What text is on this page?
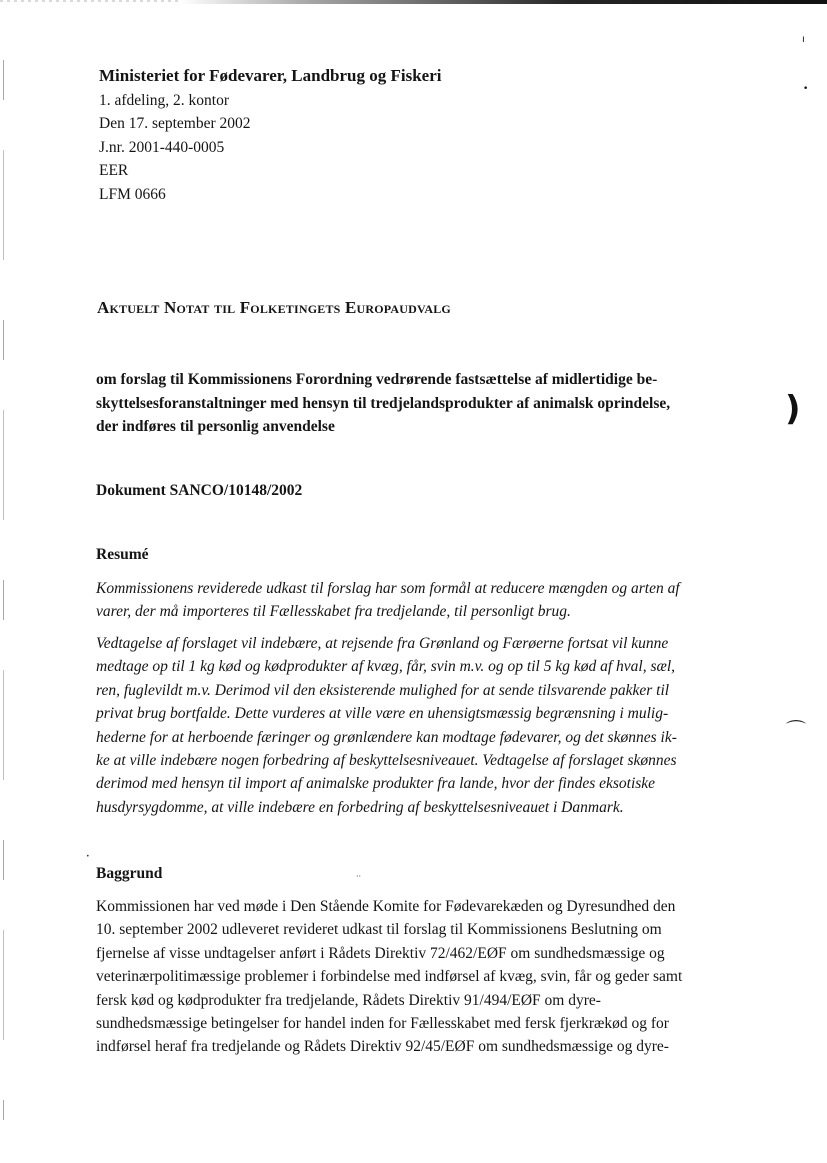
ı
•
)
⌒
··
•
Ministeriet for Fødevarer, Landbrug og Fiskeri
1. afdeling, 2. kontor
Den 17. september 2002
J.nr. 2001-440-0005
EER
LFM 0666
Aktuelt Notat til Folketingets Europaudvalg
om forslag til Kommissionens Forordning vedrørende fastsættelse af midlertidige be-
skyttelsesforanstaltninger med hensyn til tredjelandsprodukter af animalsk oprindelse,
der indføres til personlig anvendelse
Dokument SANCO/10148/2002
Resumé
Kommissionens reviderede udkast til forslag har som formål at reducere mængden og arten af
varer, der må importeres til Fællesskabet fra tredjelande, til personligt brug.
Vedtagelse af forslaget vil indebære, at rejsende fra Grønland og Færøerne fortsat vil kunne
medtage op til 1 kg kød og kødprodukter af kvæg, får, svin m.v. og op til 5 kg kød af hval, sæl,
ren, fuglevildt m.v. Derimod vil den eksisterende mulighed for at sende tilsvarende pakker til
privat brug bortfalde. Dette vurderes at ville være en uhensigtsmæssig begrænsning i mulig-
hederne for at herboende færinger og grønlændere kan modtage fødevarer, og det skønnes ik-
ke at ville indebære nogen forbedring af beskyttelsesniveauet. Vedtagelse af forslaget skønnes
derimod med hensyn til import af animalske produkter fra lande, hvor der findes eksotiske
husdyrsygdomme, at ville indebære en forbedring af beskyttelsesniveauet i Danmark.
Baggrund
Kommissionen har ved møde i Den Stående Komite for Fødevarekæden og Dyresundhed den
10. september 2002 udleveret revideret udkast til forslag til Kommissionens Beslutning om
fjernelse af visse undtagelser anført i Rådets Direktiv 72/462/EØF om sundhedsmæssige og
veterinærpolitimæssige problemer i forbindelse med indførsel af kvæg, svin, får og geder samt
fersk kød og kødprodukter fra tredjelande, Rådets Direktiv 91/494/EØF om dyre-
sundhedsmæssige betingelser for handel inden for Fællesskabet med fersk fjerkrækød og for
indførsel heraf fra tredjelande og Rådets Direktiv 92/45/EØF om sundhedsmæssige og dyre-
